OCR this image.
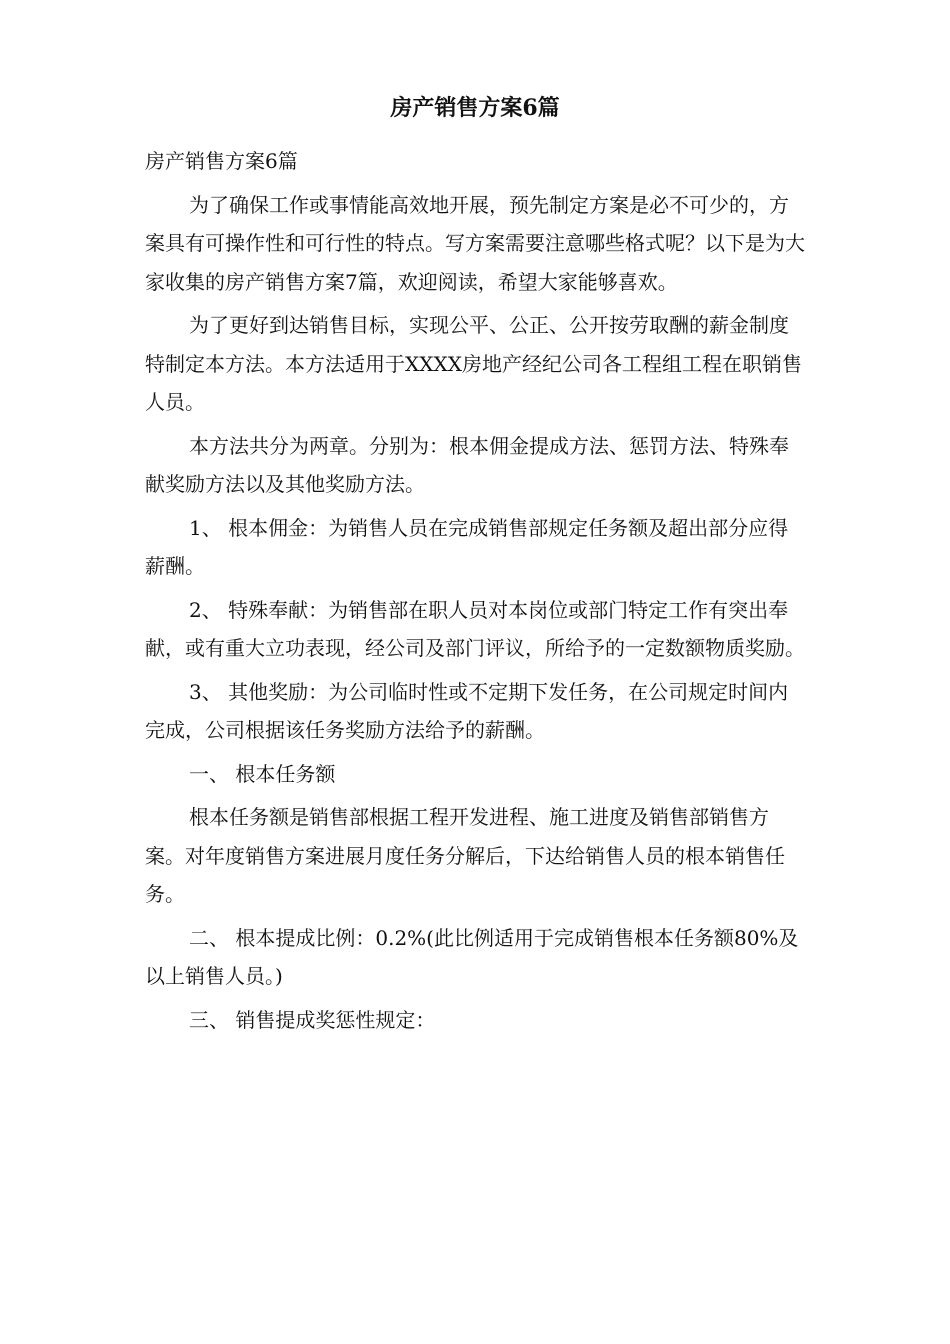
房产销售方案6篇

房产销售方案6篇

为了确保工作或事情能高效地开展，预先制定方案是必不可少的，方案具有可操作性和可行性的特点。写方案需要注意哪些格式呢？以下是为大家收集的房产销售方案7篇，欢迎阅读，希望大家能够喜欢。

为了更好到达销售目标，实现公平、公正、公开按劳取酬的薪金制度特制定本方法。本方法适用于XXXX房地产经纪公司各工程组工程在职销售人员。

本方法共分为两章。分别为：根本佣金提成方法、惩罚方法、特殊奉献奖励方法以及其他奖励方法。

1、 根本佣金：为销售人员在完成销售部规定任务额及超出部分应得薪酬。

2、 特殊奉献：为销售部在职人员对本岗位或部门特定工作有突出奉献，或有重大立功表现，经公司及部门评议，所给予的一定数额物质奖励。

3、 其他奖励：为公司临时性或不定期下发任务，在公司规定时间内完成，公司根据该任务奖励方法给予的薪酬。

一、 根本任务额

根本任务额是销售部根据工程开发进程、施工进度及销售部销售方案。对年度销售方案进展月度任务分解后，下达给销售人员的根本销售任务。

二、 根本提成比例：0.2%(此比例适用于完成销售根本任务额80%及以上销售人员。)

三、 销售提成奖惩性规定：
